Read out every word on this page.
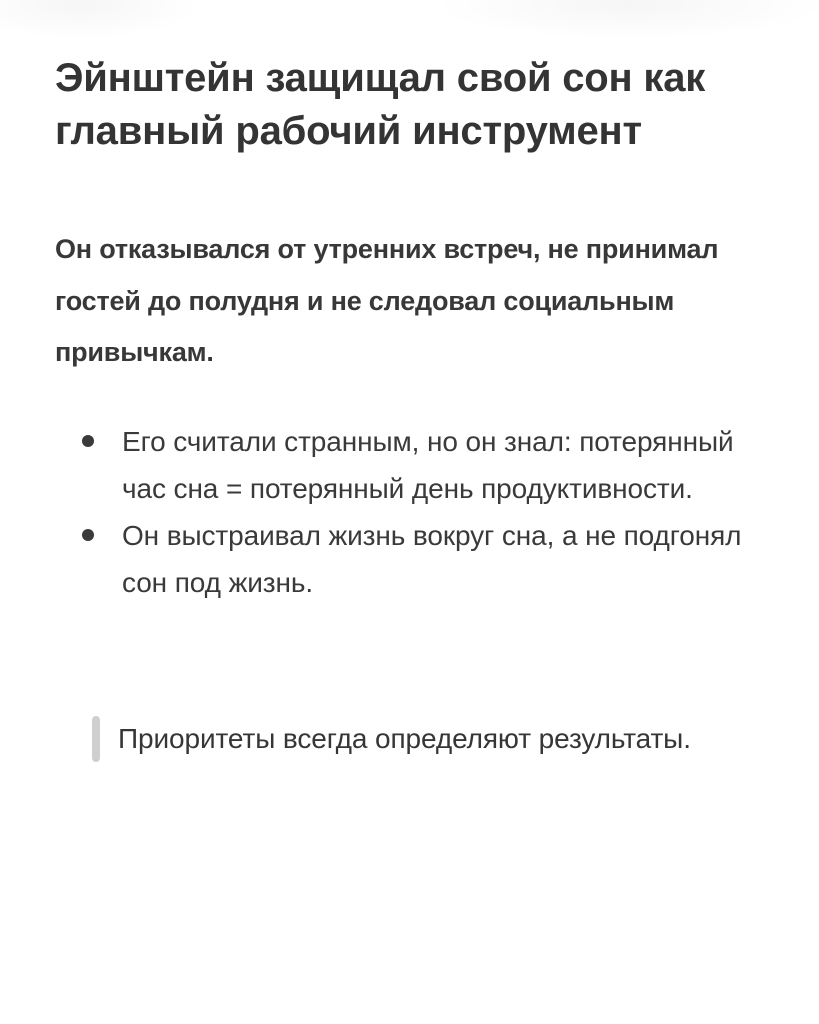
Эйнштейн защищал свой сон как главный рабочий инструмент

Он отказывался от утренних встреч, не принимал гостей до полудня и не следовал социальным привычкам.

Его считали странным, но он знал: потерянный час сна = потерянный день продуктивности.
Он выстраивал жизнь вокруг сна, а не подгонял сон под жизнь.
Приоритеты всегда определяют результаты.
